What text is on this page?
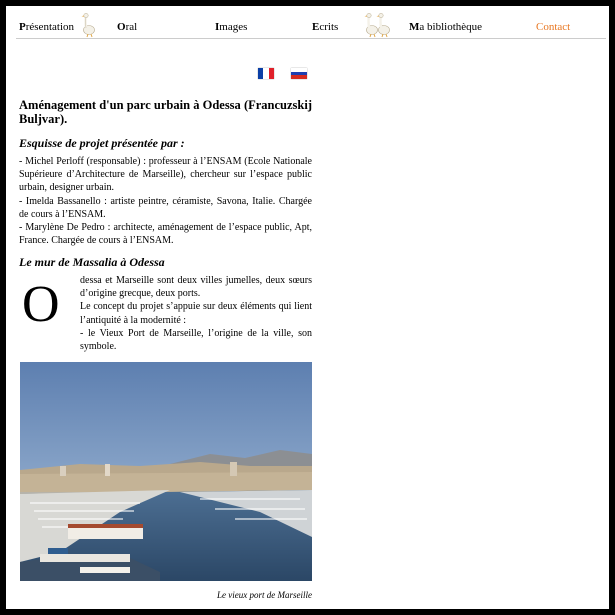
Présentation	Oral	Images	Ecrits	Ma bibliothèque	Contact
Aménagement d'un parc urbain à Odessa (Francuzskij Buljvar).
Esquisse de projet présentée par :

- Michel Perloff (responsable) : professeur à l’ENSAM (Ecole Nationale Supérieure d’Architecture de Marseille), chercheur sur l’espace public urbain, designer urbain.

- Imelda Bassanello : artiste peintre, céramiste, Savona, Italie. Chargée de cours à l’ENSAM.

- Marylène De Pedro : architecte, aménagement de l’espace public, Apt, France. Chargée de cours à l’ENSAM.

Le mur de Massalia à Odessa
O dessa et Marseille sont deux villes jumelles, deux sœurs d’origine grecque, deux ports.

Le concept du projet s’appuie sur deux éléments qui lient l’antiquité à la modernité :

- le Vieux Port de Marseille, l’origine de la ville, son symbole.

Le vieux port de Marseille
